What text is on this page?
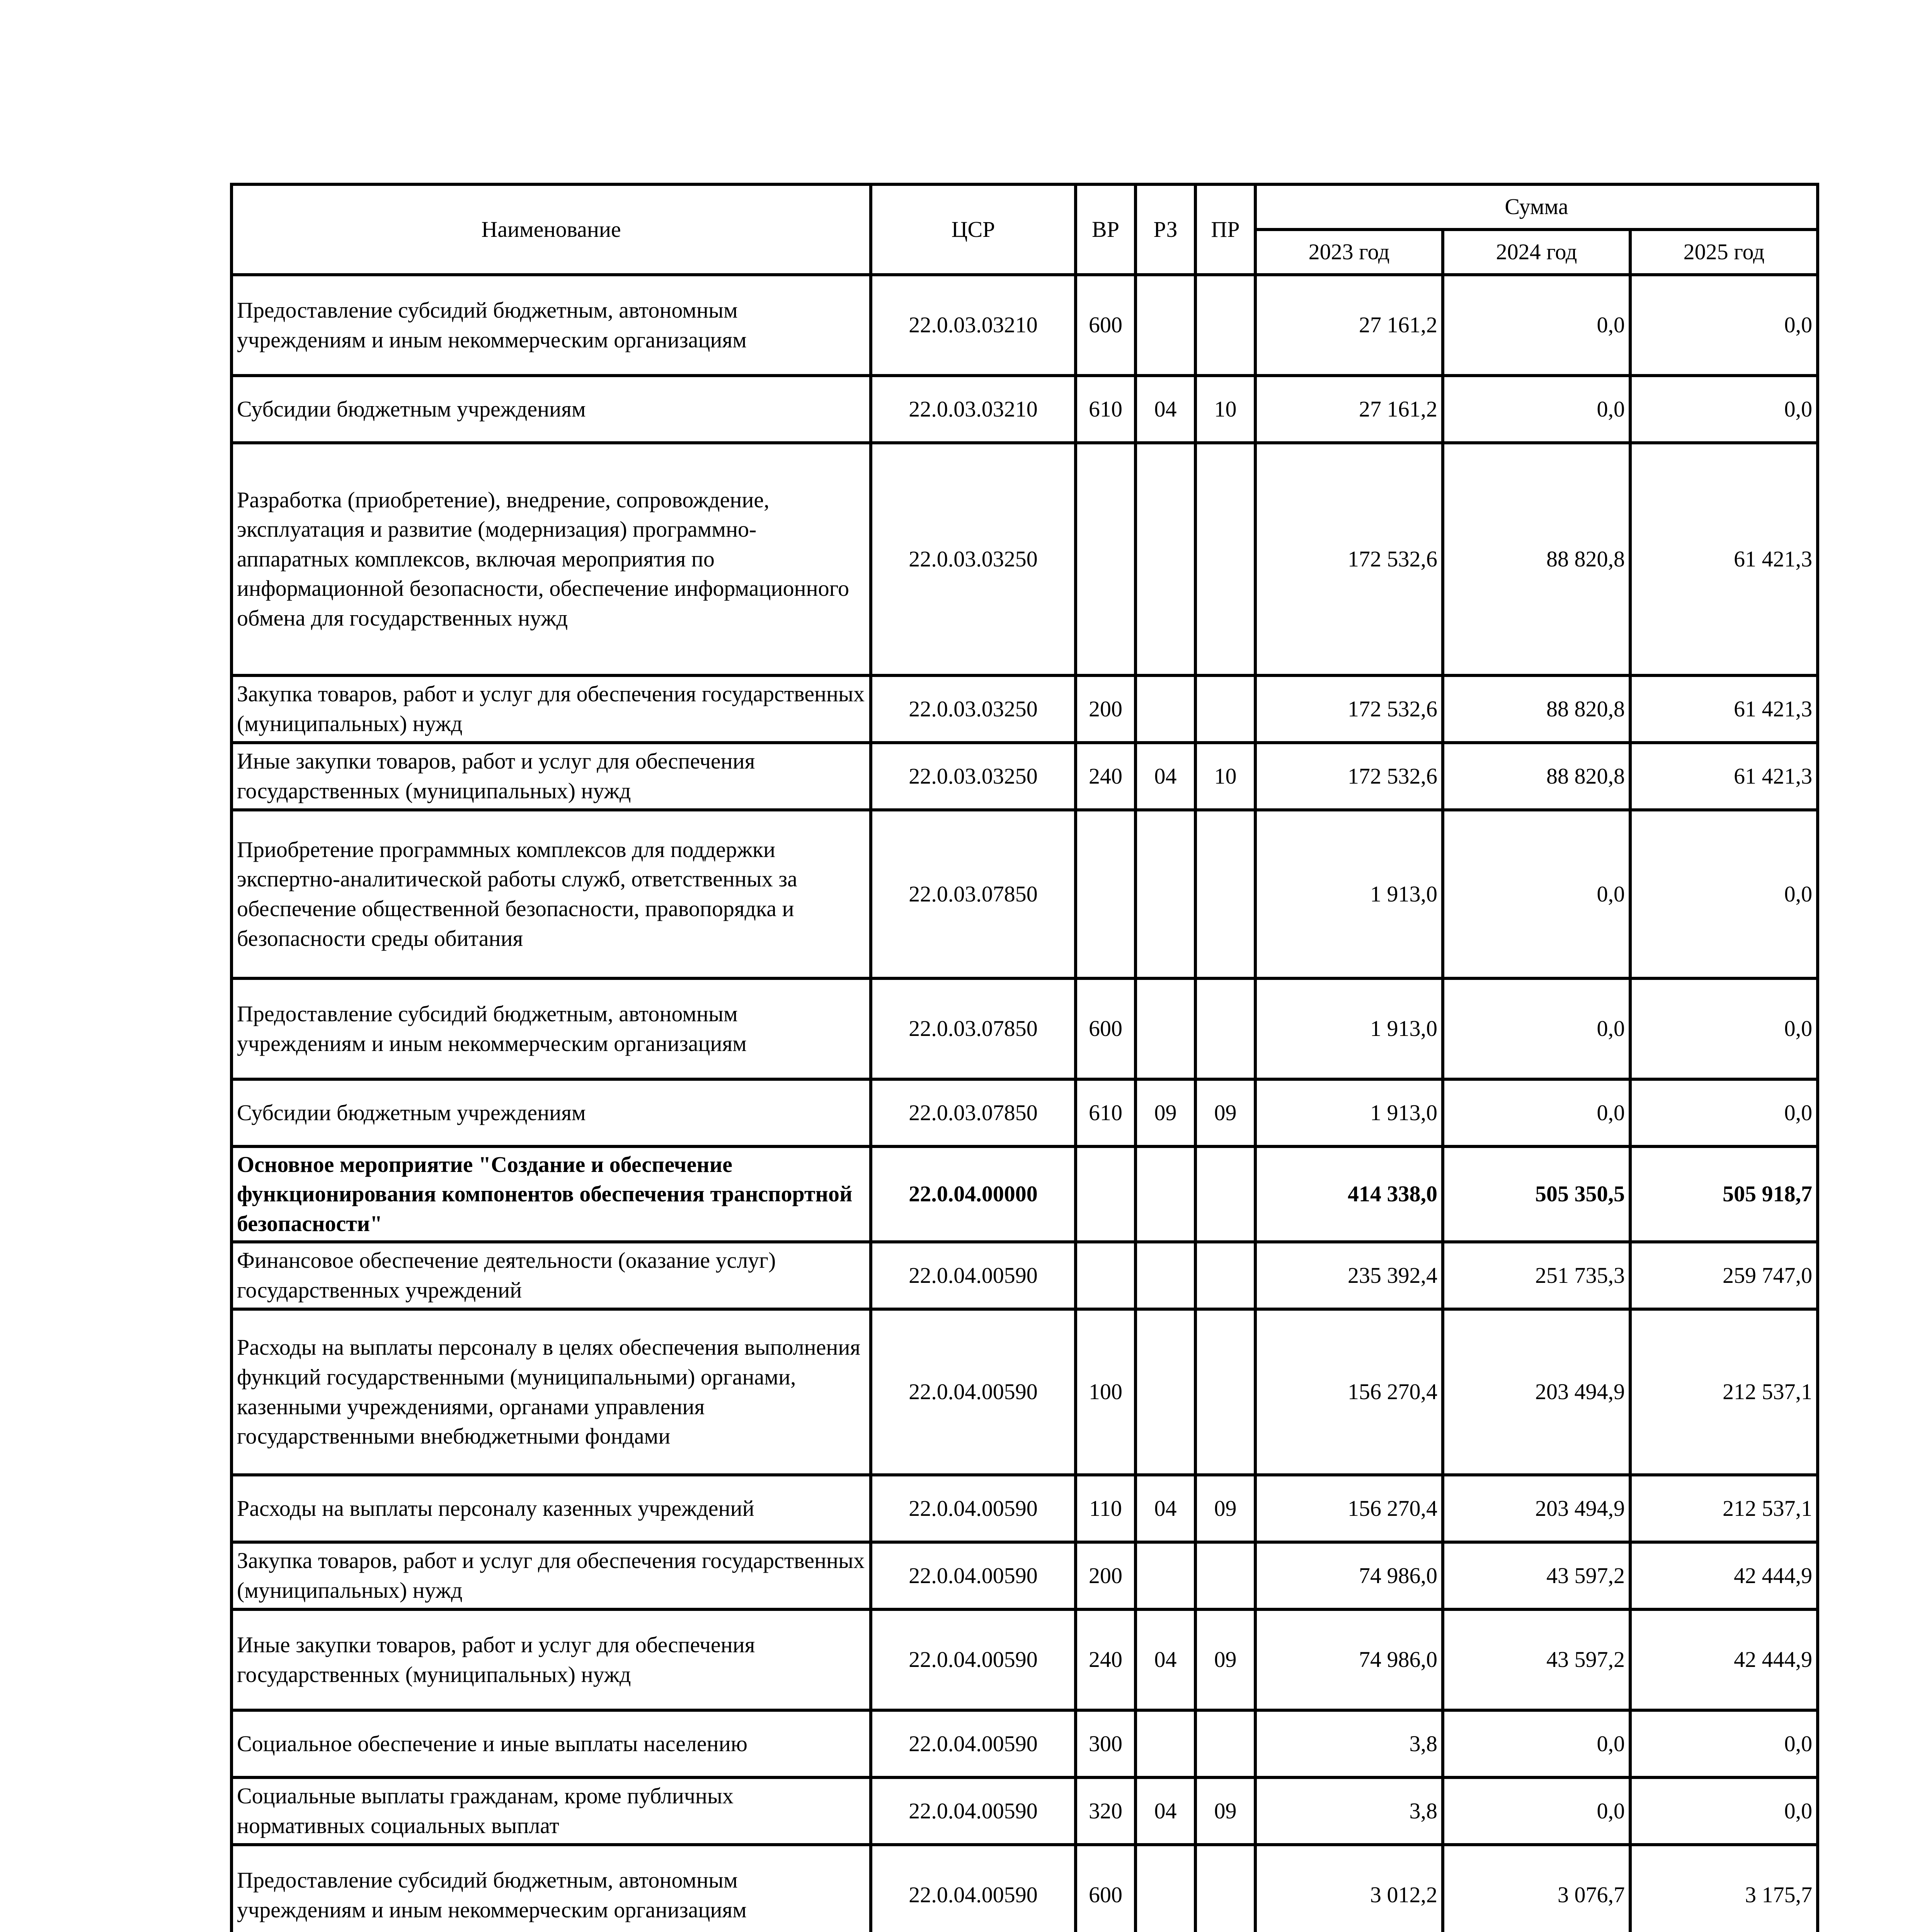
Наименование	ЦСР	ВР	РЗ	ПР	Сумма		
					2023 год	2024 год	2025 год
Предоставление субсидий бюджетным, автономным учреждениям и иным некоммерческим организациям	22.0.03.03210	600			27 161,2	0,0	0,0
Субсидии бюджетным учреждениям	22.0.03.03210	610	04	10	27 161,2	0,0	0,0
Разработка (приобретение), внедрение, сопровождение, эксплуатация и развитие (модернизация) программно-аппаратных комплексов, включая мероприятия по информационной безопасности, обеспечение информационного обмена для государственных нужд	22.0.03.03250				172 532,6	88 820,8	61 421,3
Закупка товаров, работ и услуг для обеспечения государственных (муниципальных) нужд	22.0.03.03250	200			172 532,6	88 820,8	61 421,3
Иные закупки товаров, работ и услуг для обеспечения государственных (муниципальных) нужд	22.0.03.03250	240	04	10	172 532,6	88 820,8	61 421,3
Приобретение программных комплексов для поддержки экспертно-аналитической работы служб, ответственных за обеспечение общественной безопасности, правопорядка и безопасности среды обитания	22.0.03.07850				1 913,0	0,0	0,0
Предоставление субсидий бюджетным, автономным учреждениям и иным некоммерческим организациям	22.0.03.07850	600			1 913,0	0,0	0,0
Субсидии бюджетным учреждениям	22.0.03.07850	610	09	09	1 913,0	0,0	0,0
Основное мероприятие "Создание и обеспечение функционирования компонентов обеспечения транспортной безопасности"	22.0.04.00000				414 338,0	505 350,5	505 918,7
Финансовое обеспечение деятельности (оказание услуг) государственных учреждений	22.0.04.00590				235 392,4	251 735,3	259 747,0
Расходы на выплаты персоналу в целях обеспечения выполнения функций государственными (муниципальными) органами, казенными учреждениями, органами управления государственными внебюджетными фондами	22.0.04.00590	100			156 270,4	203 494,9	212 537,1
Расходы на выплаты персоналу казенных учреждений	22.0.04.00590	110	04	09	156 270,4	203 494,9	212 537,1
Закупка товаров, работ и услуг для обеспечения государственных (муниципальных) нужд	22.0.04.00590	200			74 986,0	43 597,2	42 444,9
Иные закупки товаров, работ и услуг для обеспечения государственных (муниципальных) нужд	22.0.04.00590	240	04	09	74 986,0	43 597,2	42 444,9
Социальное обеспечение и иные выплаты населению	22.0.04.00590	300			3,8	0,0	0,0
Социальные выплаты гражданам, кроме публичных нормативных социальных выплат	22.0.04.00590	320	04	09	3,8	0,0	0,0
Предоставление субсидий бюджетным, автономным учреждениям и иным некоммерческим организациям	22.0.04.00590	600			3 012,2	3 076,7	3 175,7
